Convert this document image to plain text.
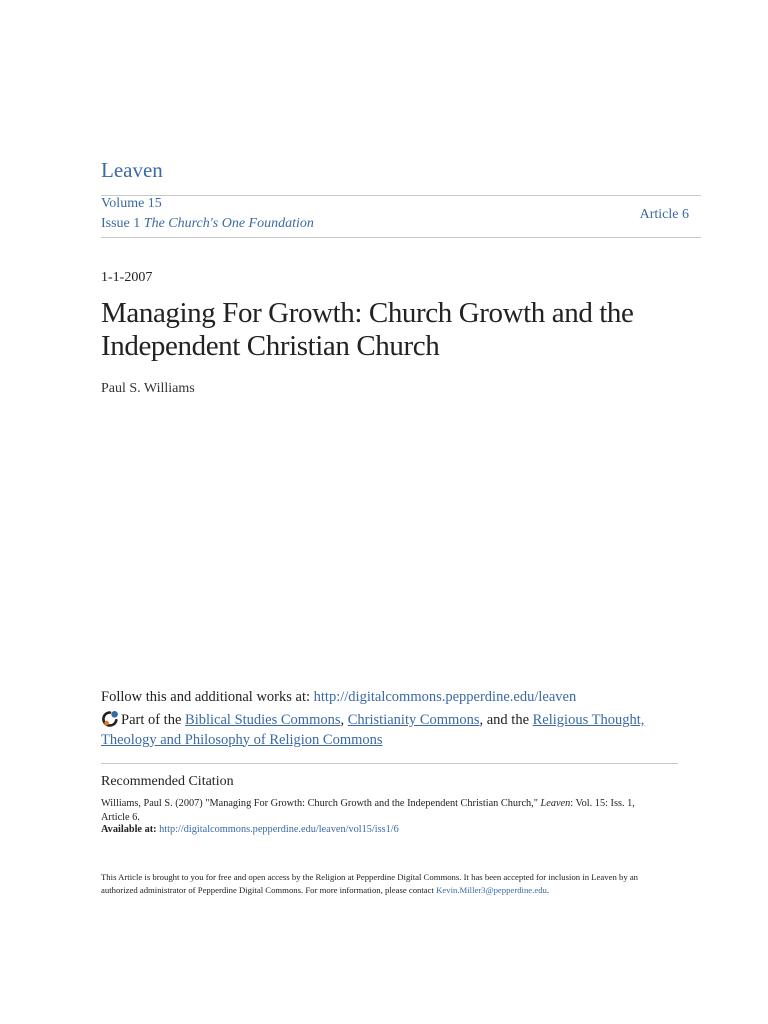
Leaven
Volume 15
Issue 1 The Church's One Foundation
Article 6
1-1-2007
Managing For Growth: Church Growth and the Independent Christian Church
Paul S. Williams
Follow this and additional works at: http://digitalcommons.pepperdine.edu/leaven
Part of the Biblical Studies Commons, Christianity Commons, and the Religious Thought, Theology and Philosophy of Religion Commons
Recommended Citation
Williams, Paul S. (2007) "Managing For Growth: Church Growth and the Independent Christian Church," Leaven: Vol. 15: Iss. 1, Article 6.
Available at: http://digitalcommons.pepperdine.edu/leaven/vol15/iss1/6
This Article is brought to you for free and open access by the Religion at Pepperdine Digital Commons. It has been accepted for inclusion in Leaven by an authorized administrator of Pepperdine Digital Commons. For more information, please contact Kevin.Miller3@pepperdine.edu.
